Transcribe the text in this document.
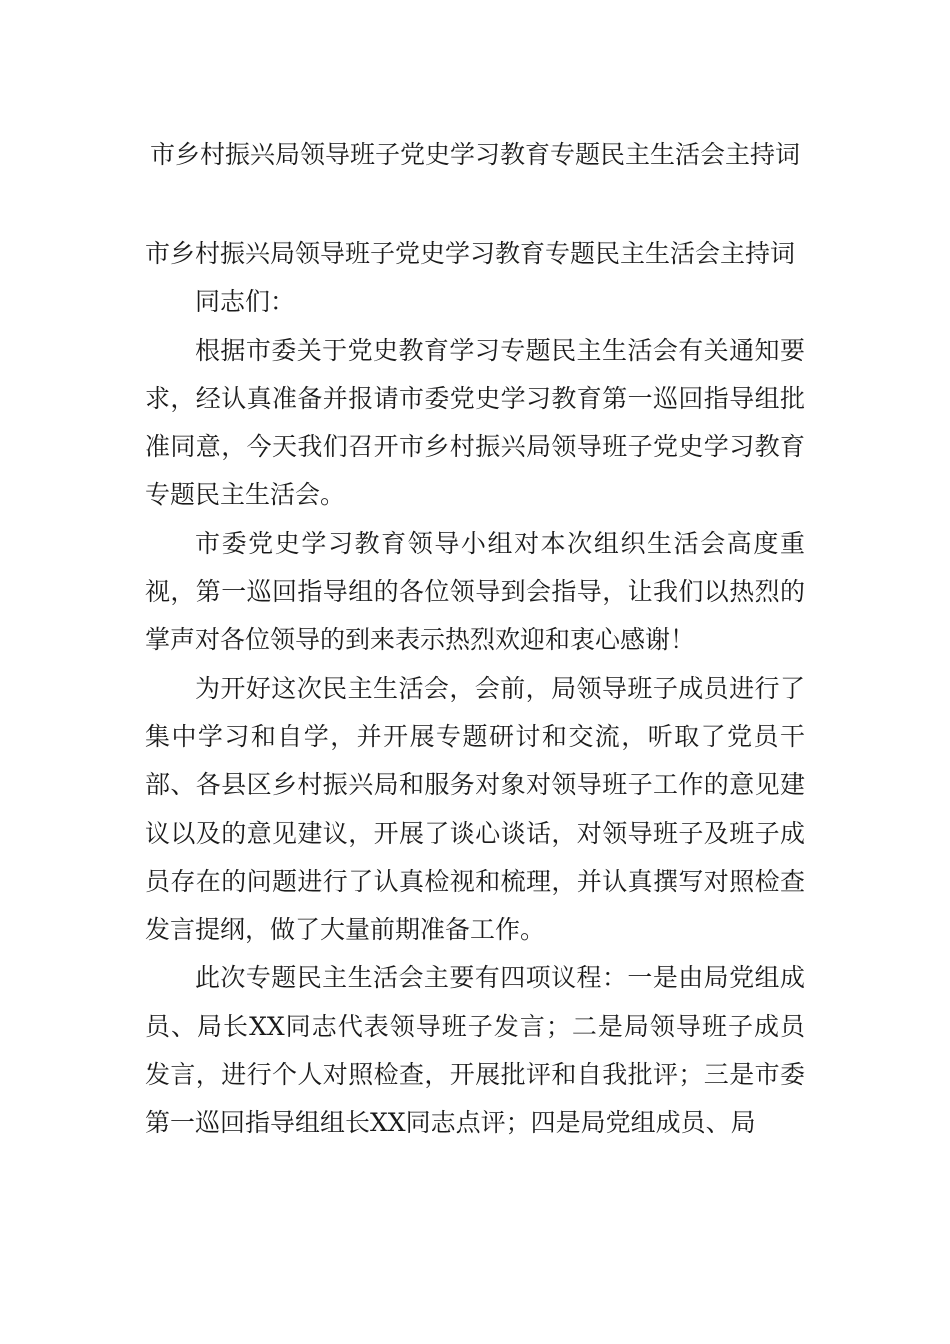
市乡村振兴局领导班子党史学习教育专题民主生活会主持词

市乡村振兴局领导班子党史学习教育专题民主生活会主持词

同志们：

根据市委关于党史教育学习专题民主生活会有关通知要求，经认真准备并报请市委党史学习教育第一巡回指导组批准同意，今天我们召开市乡村振兴局领导班子党史学习教育专题民主生活会。

市委党史学习教育领导小组对本次组织生活会高度重视，第一巡回指导组的各位领导到会指导，让我们以热烈的掌声对各位领导的到来表示热烈欢迎和衷心感谢！

为开好这次民主生活会，会前，局领导班子成员进行了集中学习和自学，并开展专题研讨和交流，听取了党员干部、各县区乡村振兴局和服务对象对领导班子工作的意见建议以及的意见建议，开展了谈心谈话，对领导班子及班子成员存在的问题进行了认真检视和梳理，并认真撰写对照检查发言提纲，做了大量前期准备工作。

此次专题民主生活会主要有四项议程：一是由局党组成员、局长XX同志代表领导班子发言；二是局领导班子成员发言，进行个人对照检查，开展批评和自我批评；三是市委第一巡回指导组组长XX同志点评；四是局党组成员、局
